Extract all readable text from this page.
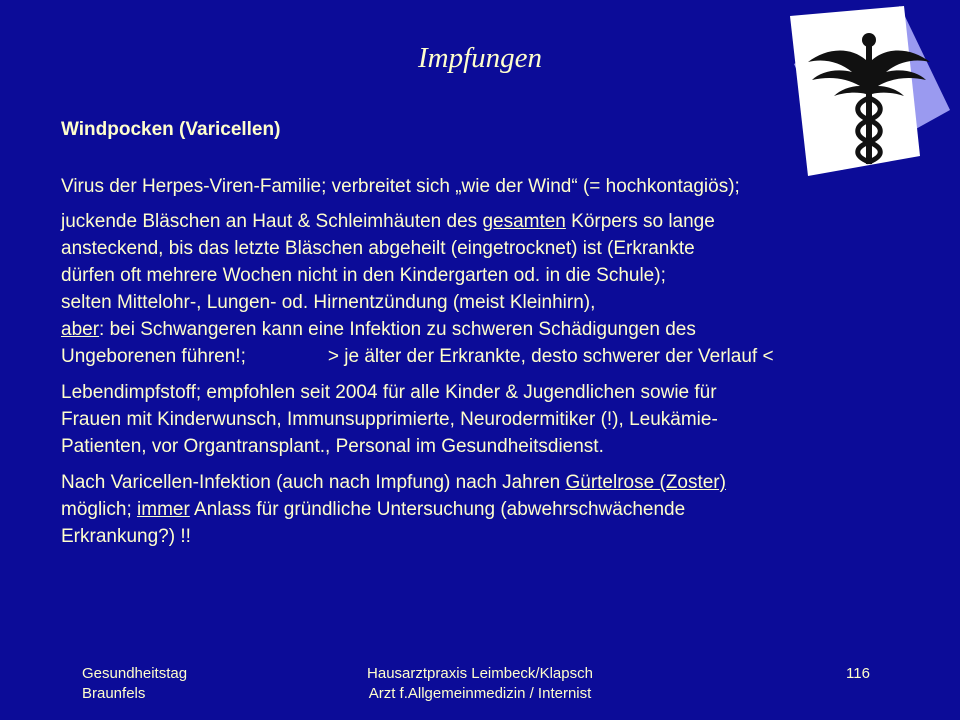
Impfungen
Windpocken (Varicellen)

Virus der Herpes-Viren-Familie; verbreitet sich „wie der Wind“ (= hochkontagiös);

juckende Bläschen an Haut & Schleimhäuten des gesamten Körpers so lange
ansteckend, bis das letzte Bläschen abgeheilt (eingetrocknet) ist (Erkrankte
dürfen oft mehrere Wochen nicht in den Kindergarten od. in die Schule);
selten Mittelohr-, Lungen- od. Hirnentzündung (meist Kleinhirn),
aber: bei Schwangeren kann eine Infektion zu schweren Schädigungen des
Ungeborenen führen!;	> je älter der Erkrankte, desto schwerer der Verlauf <

Lebendimpfstoff; empfohlen seit 2004 für alle Kinder & Jugendlichen sowie für
Frauen mit Kinderwunsch, Immunsupprimierte, Neurodermitiker (!), Leukämie-
Patienten, vor Organtransplant., Personal im Gesundheitsdienst.

Nach Varicellen-Infektion (auch nach Impfung) nach Jahren Gürtelrose (Zoster)
möglich; immer Anlass für gründliche Untersuchung (abwehrschwächende
Erkrankung?) !!

Gesundheitstag
Braunfels
Hausarztpraxis Leimbeck/Klapsch
Arzt f.Allgemeinmedizin / Internist
116
